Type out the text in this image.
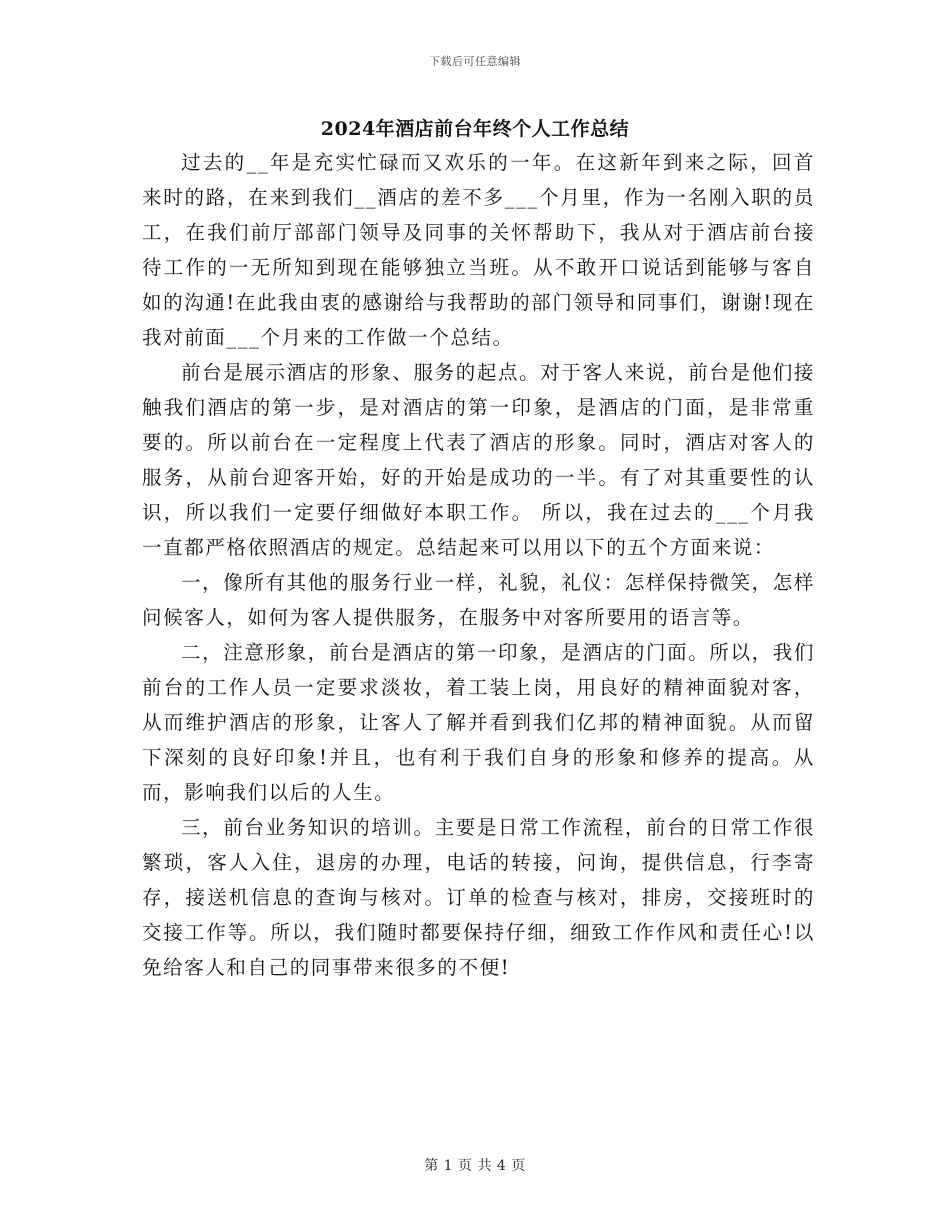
下载后可任意编辑
2024年酒店前台年终个人工作总结

过去的__年是充实忙碌而又欢乐的一年。在这新年到来之际，回首来时的路，在来到我们__酒店的差不多___个月里，作为一名刚入职的员工，在我们前厅部部门领导及同事的关怀帮助下，我从对于酒店前台接待工作的一无所知到现在能够独立当班。从不敢开口说话到能够与客自如的沟通!在此我由衷的感谢给与我帮助的部门领导和同事们，谢谢!现在我对前面___个月来的工作做一个总结。

前台是展示酒店的形象、服务的起点。对于客人来说，前台是他们接触我们酒店的第一步，是对酒店的第一印象，是酒店的门面，是非常重要的。所以前台在一定程度上代表了酒店的形象。同时，酒店对客人的服务，从前台迎客开始，好的开始是成功的一半。有了对其重要性的认识，所以我们一定要仔细做好本职工作。 所以，我在过去的___个月我一直都严格依照酒店的规定。总结起来可以用以下的五个方面来说：

一，像所有其他的服务行业一样，礼貌，礼仪：怎样保持微笑，怎样问候客人，如何为客人提供服务，在服务中对客所要用的语言等。

二，注意形象，前台是酒店的第一印象，是酒店的门面。所以，我们前台的工作人员一定要求淡妆，着工装上岗，用良好的精神面貌对客，从而维护酒店的形象，让客人了解并看到我们亿邦的精神面貌。从而留下深刻的良好印象!并且，也有利于我们自身的形象和修养的提高。从而，影响我们以后的人生。

三，前台业务知识的培训。主要是日常工作流程，前台的日常工作很繁琐，客人入住，退房的办理，电话的转接，问询，提供信息，行李寄存，接送机信息的查询与核对。订单的检查与核对，排房，交接班时的交接工作等。所以，我们随时都要保持仔细，细致工作作风和责任心!以免给客人和自己的同事带来很多的不便!

第 1 页 共 4 页
